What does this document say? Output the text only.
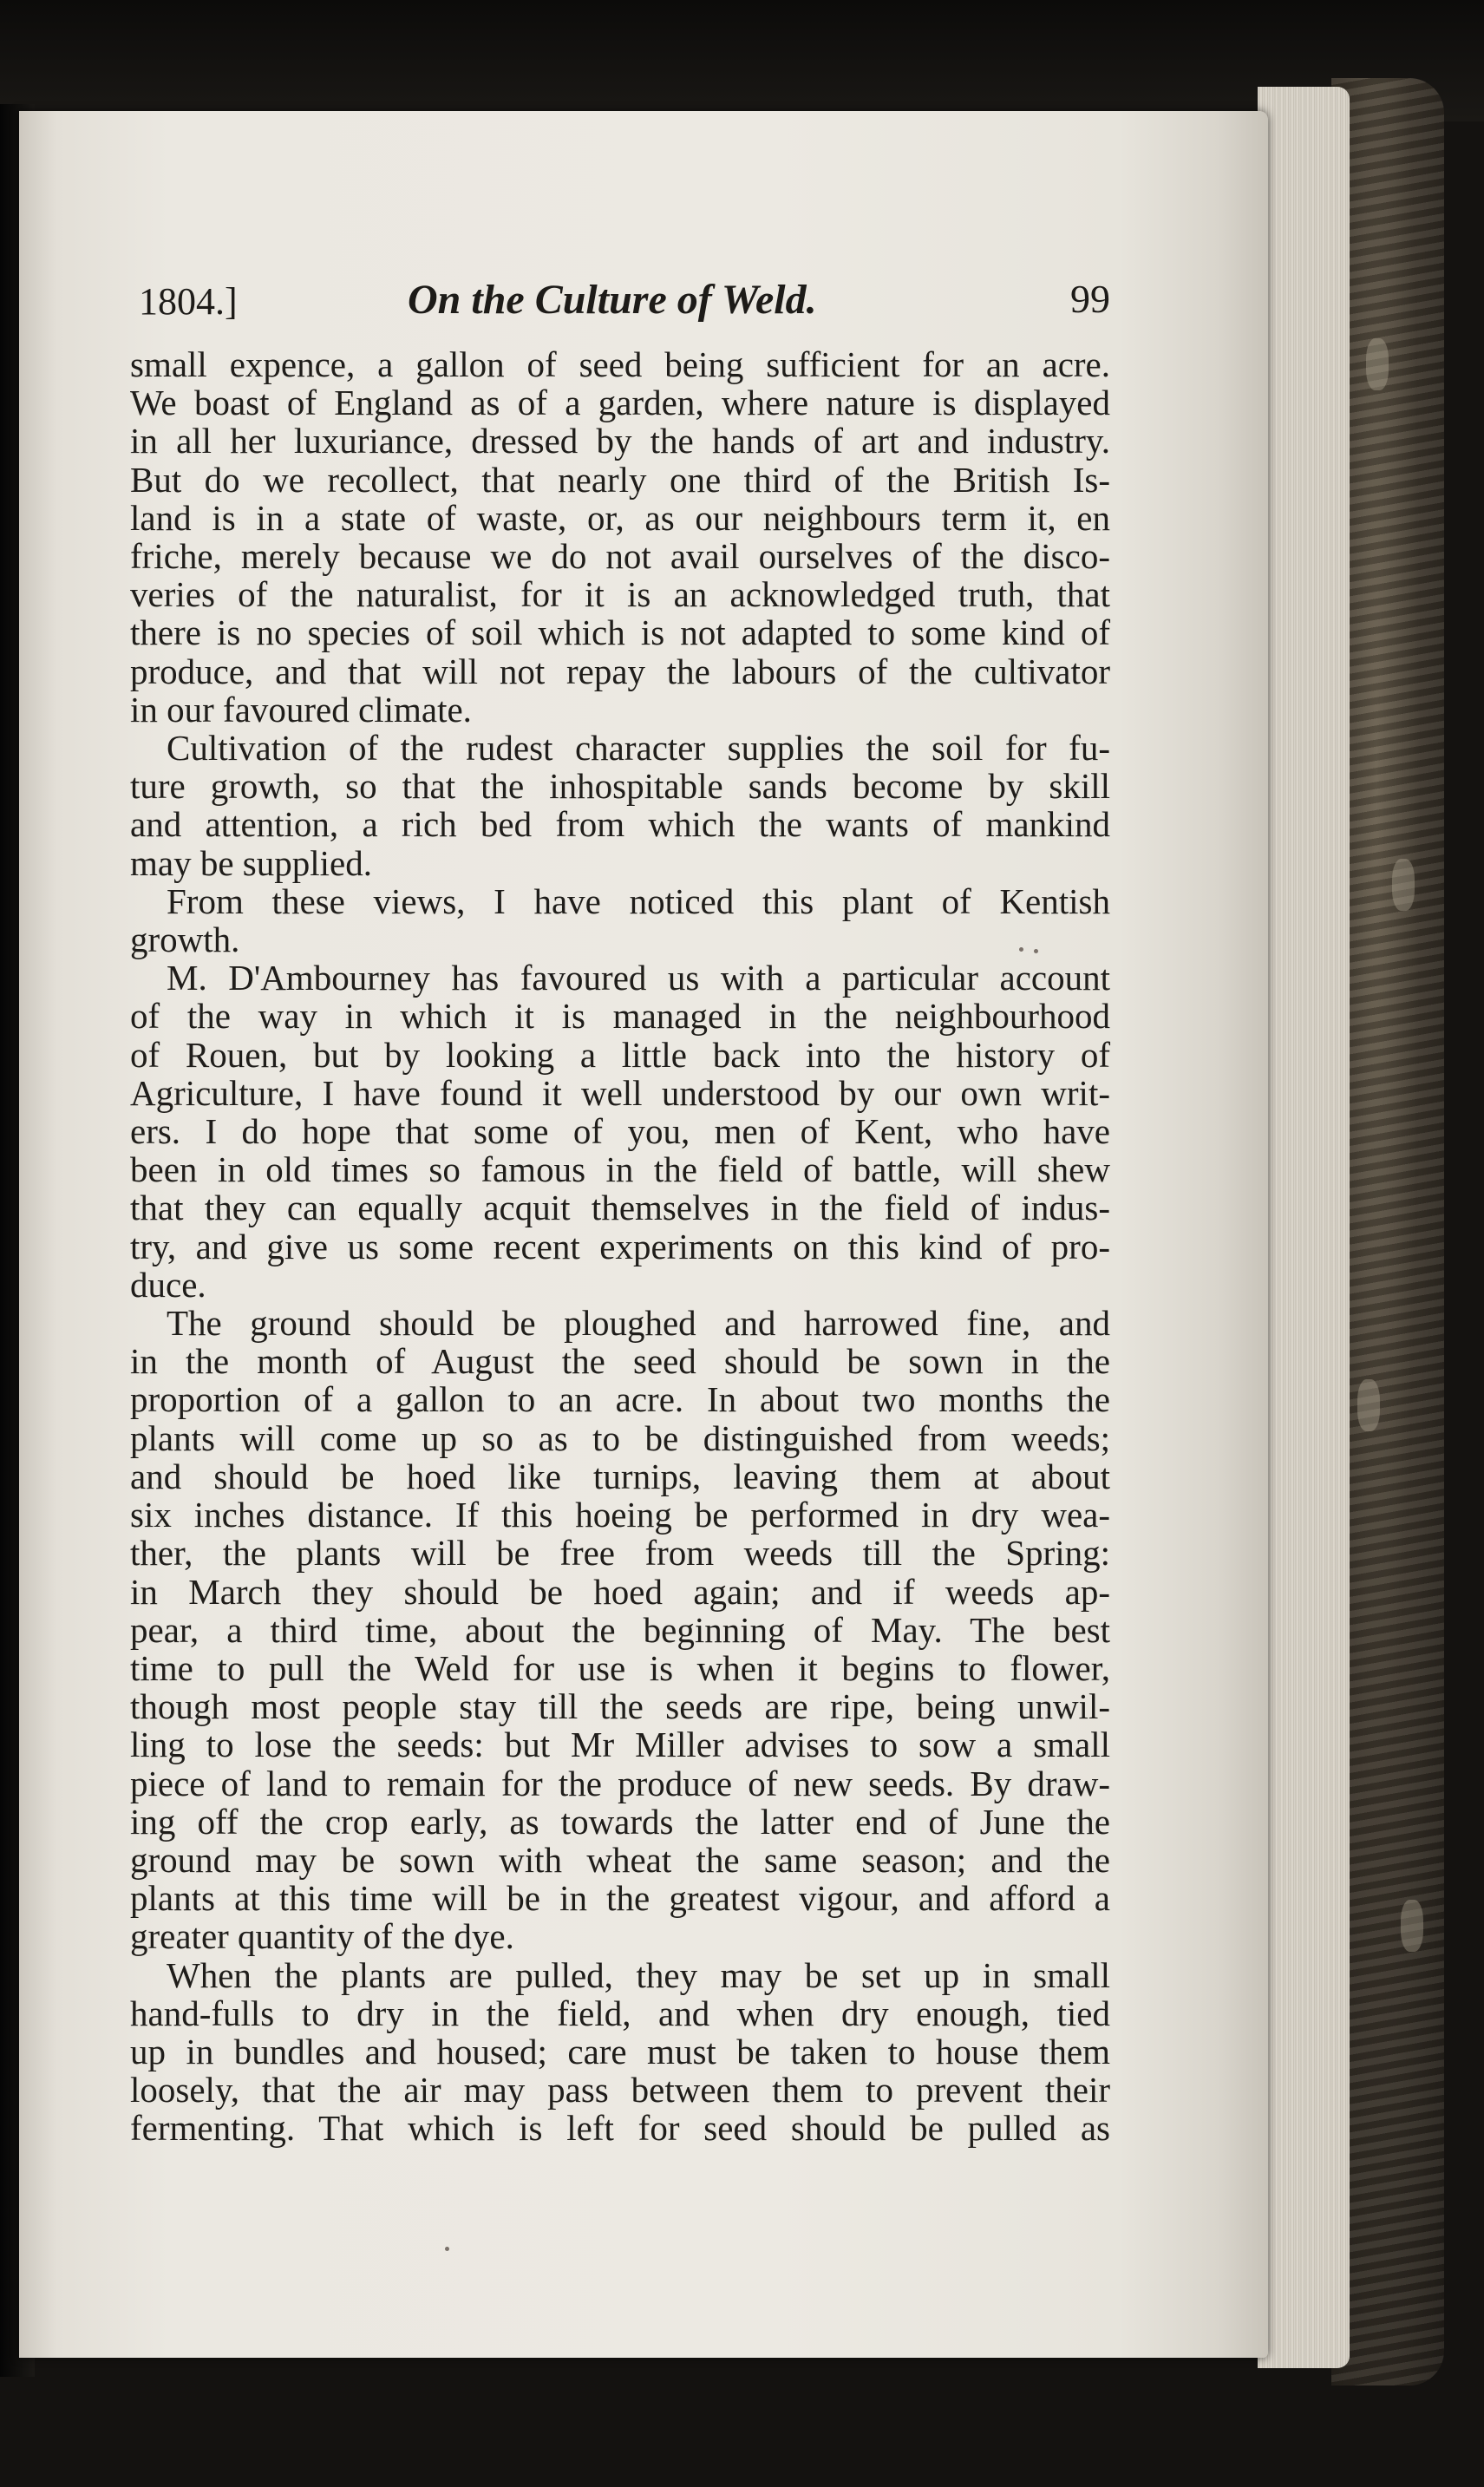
1804.]	On the Culture of Weld.	99
small expence, a gallon of seed being sufficient for an acre.
We boast of England as of a garden, where nature is displayed
in all her luxuriance, dressed by the hands of art and industry.
But do we recollect, that nearly one third of the British Is-
land is in a state of waste, or, as our neighbours term it, en
friche, merely because we do not avail ourselves of the disco-
veries of the naturalist, for it is an acknowledged truth, that
there is no species of soil which is not adapted to some kind of
produce, and that will not repay the labours of the cultivator
in our favoured climate.
Cultivation of the rudest character supplies the soil for fu-
ture growth, so that the inhospitable sands become by skill
and attention, a rich bed from which the wants of mankind
may be supplied.
From these views, I have noticed this plant of Kentish
growth.
M. D'Ambourney has favoured us with a particular account
of the way in which it is managed in the neighbourhood
of Rouen, but by looking a little back into the history of
Agriculture, I have found it well understood by our own writ-
ers. I do hope that some of you, men of Kent, who have
been in old times so famous in the field of battle, will shew
that they can equally acquit themselves in the field of indus-
try, and give us some recent experiments on this kind of pro-
duce.
The ground should be ploughed and harrowed fine, and
in the month of August the seed should be sown in the
proportion of a gallon to an acre. In about two months the
plants will come up so as to be distinguished from weeds;
and should be hoed like turnips, leaving them at about
six inches distance. If this hoeing be performed in dry wea-
ther, the plants will be free from weeds till the Spring:
in March they should be hoed again; and if weeds ap-
pear, a third time, about the beginning of May. The best
time to pull the Weld for use is when it begins to flower,
though most people stay till the seeds are ripe, being unwil-
ling to lose the seeds: but Mr Miller advises to sow a small
piece of land to remain for the produce of new seeds. By draw-
ing off the crop early, as towards the latter end of June the
ground may be sown with wheat the same season; and the
plants at this time will be in the greatest vigour, and afford a
greater quantity of the dye.
When the plants are pulled, they may be set up in small
hand-fulls to dry in the field, and when dry enough, tied
up in bundles and housed; care must be taken to house them
loosely, that the air may pass between them to prevent their
fermenting. That which is left for seed should be pulled as
